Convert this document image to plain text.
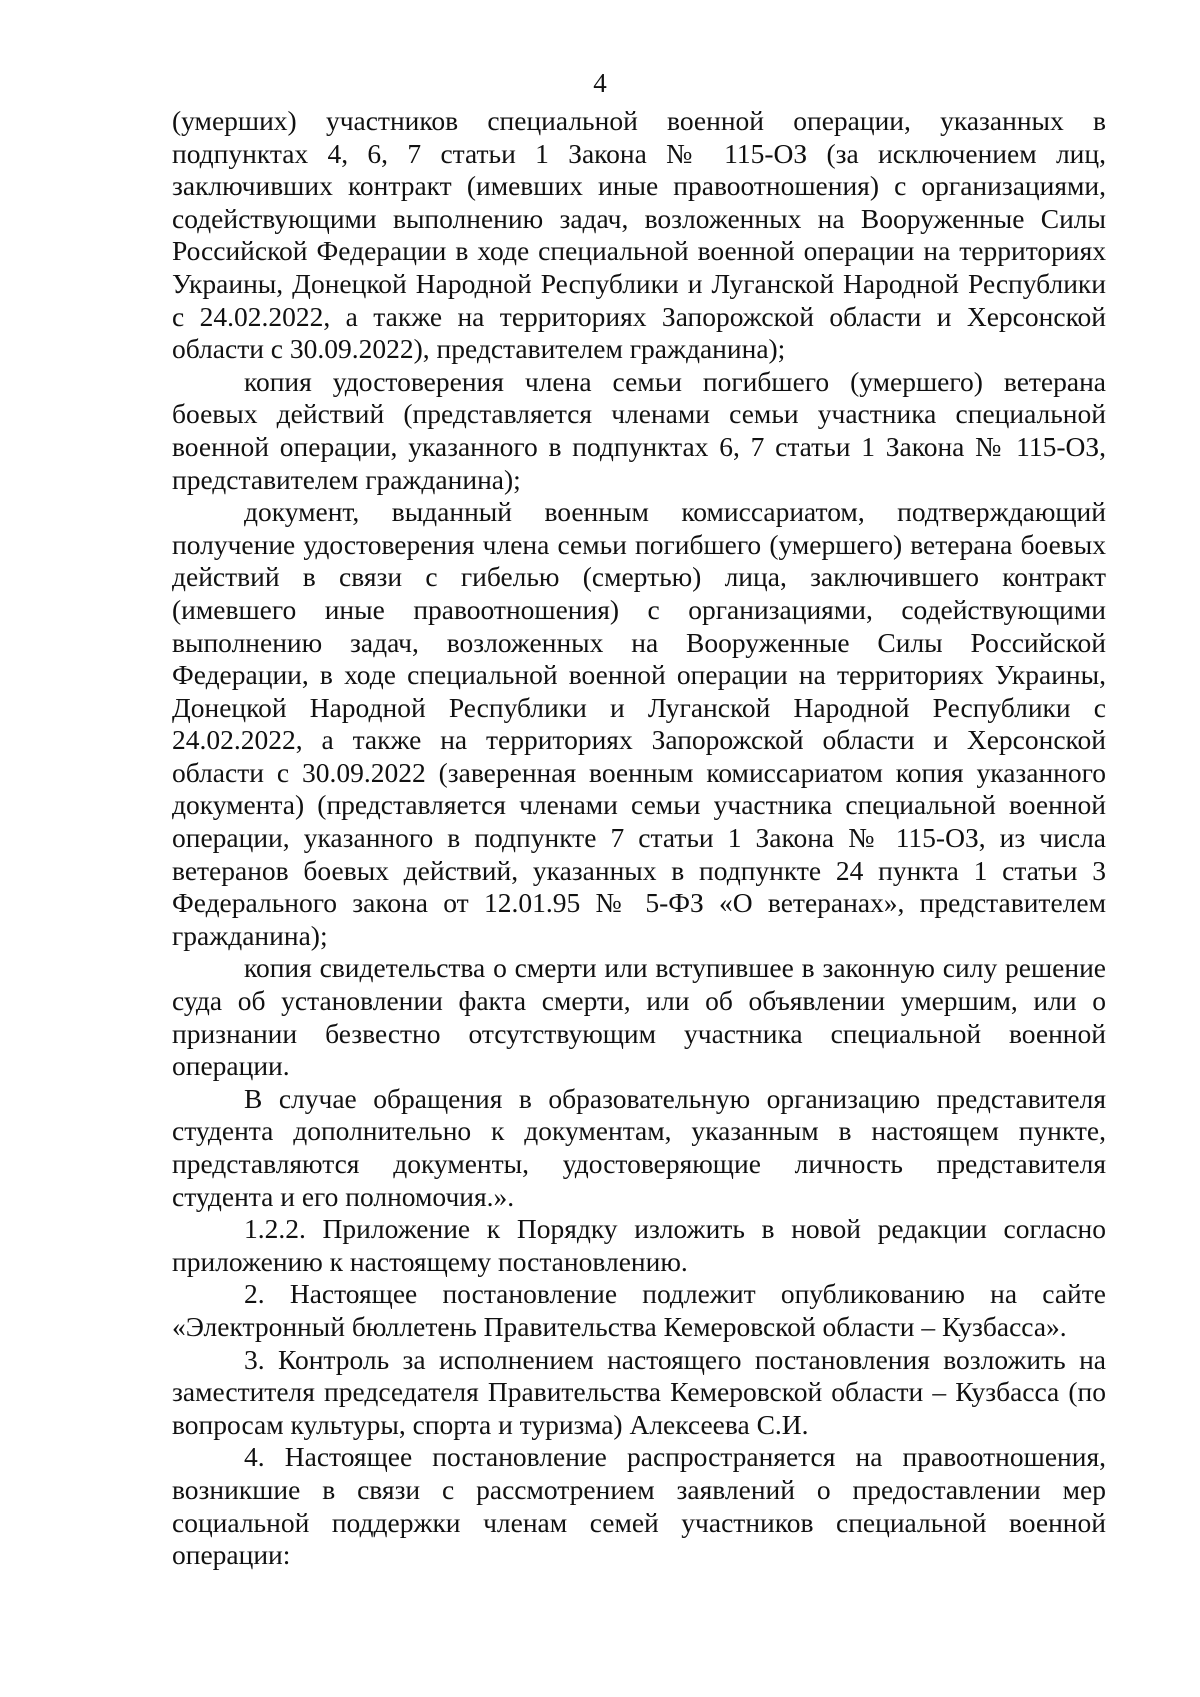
4

(умерших) участников специальной военной операции, указанных в подпунктах 4, 6, 7 статьи 1 Закона № 115-ОЗ (за исключением лиц, заключивших контракт (имевших иные правоотношения) с организациями, содействующими выполнению задач, возложенных на Вооруженные Силы Российской Федерации в ходе специальной военной операции на территориях Украины, Донецкой Народной Республики и Луганской Народной Республики с 24.02.2022, а также на территориях Запорожской области и Херсонской области с 30.09.2022), представителем гражданина);

копия удостоверения члена семьи погибшего (умершего) ветерана боевых действий (представляется членами семьи участника специальной военной операции, указанного в подпунктах 6, 7 статьи 1 Закона № 115-ОЗ, представителем гражданина);

документ, выданный военным комиссариатом, подтверждающий получение удостоверения члена семьи погибшего (умершего) ветерана боевых действий в связи с гибелью (смертью) лица, заключившего контракт (имевшего иные правоотношения) с организациями, содействующими выполнению задач, возложенных на Вооруженные Силы Российской Федерации, в ходе специальной военной операции на территориях Украины, Донецкой Народной Республики и Луганской Народной Республики с 24.02.2022, а также на территориях Запорожской области и Херсонской области с 30.09.2022 (заверенная военным комиссариатом копия указанного документа) (представляется членами семьи участника специальной военной операции, указанного в подпункте 7 статьи 1 Закона № 115-ОЗ, из числа ветеранов боевых действий, указанных в подпункте 24 пункта 1 статьи 3 Федерального закона от 12.01.95 № 5-ФЗ «О ветеранах», представителем гражданина);

копия свидетельства о смерти или вступившее в законную силу решение суда об установлении факта смерти, или об объявлении умершим, или о признании безвестно отсутствующим участника специальной военной операции.

В случае обращения в образовательную организацию представителя студента дополнительно к документам, указанным в настоящем пункте, представляются документы, удостоверяющие личность представителя студента и его полномочия.».

1.2.2. Приложение к Порядку изложить в новой редакции согласно приложению к настоящему постановлению.

2. Настоящее постановление подлежит опубликованию на сайте «Электронный бюллетень Правительства Кемеровской области – Кузбасса».

3. Контроль за исполнением настоящего постановления возложить на заместителя председателя Правительства Кемеровской области – Кузбасса (по вопросам культуры, спорта и туризма) Алексеева С.И.

4. Настоящее постановление распространяется на правоотношения, возникшие в связи с рассмотрением заявлений о предоставлении мер социальной поддержки членам семей участников специальной военной операции:
